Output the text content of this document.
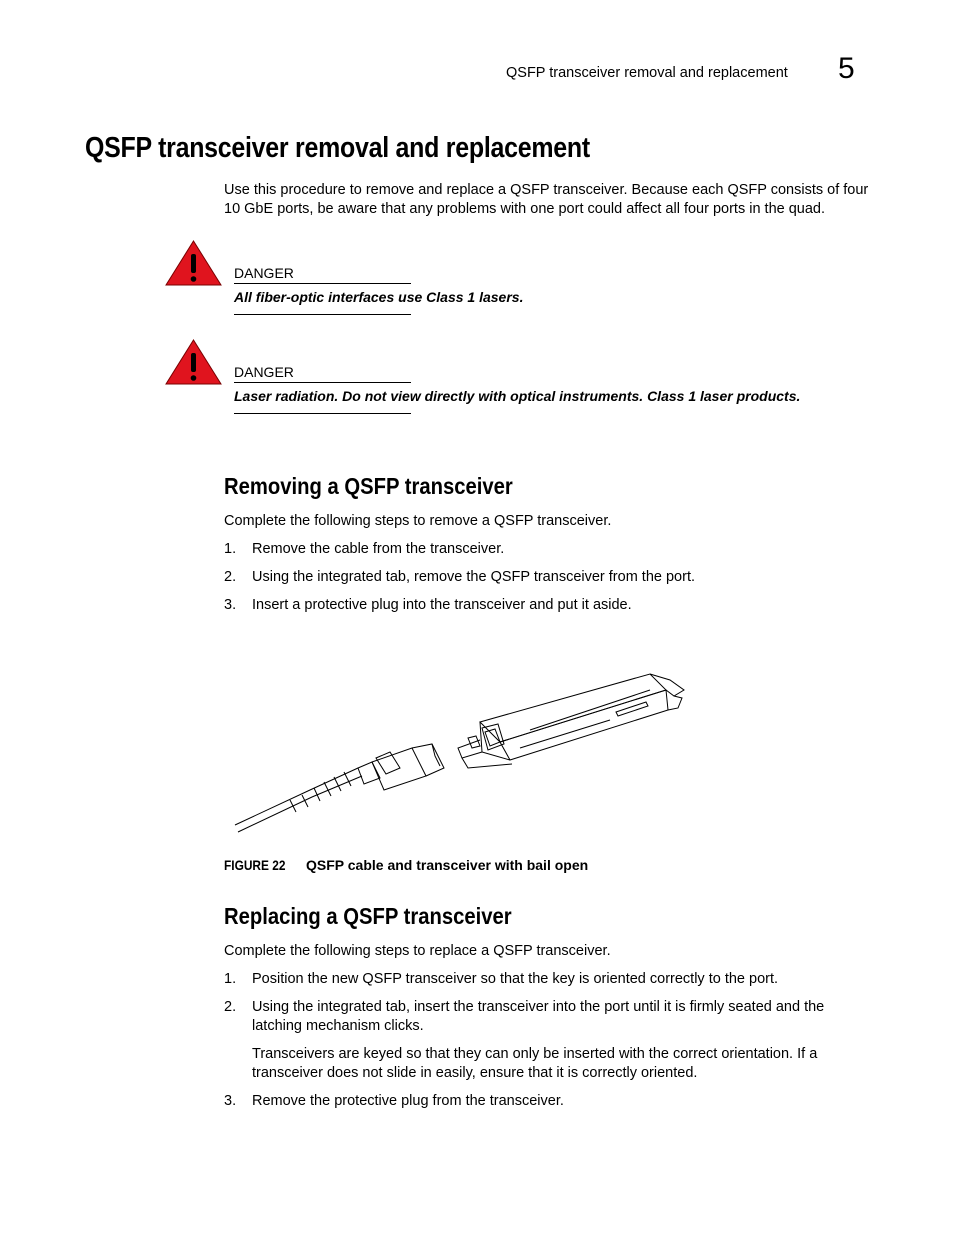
QSFP transceiver removal and replacement 5
QSFP transceiver removal and replacement
Use this procedure to remove and replace a QSFP transceiver. Because each QSFP consists of four 10 GbE ports, be aware that any problems with one port could affect all four ports in the quad.
DANGER
All fiber-optic interfaces use Class 1 lasers.
DANGER
Laser radiation. Do not view directly with optical instruments. Class 1 laser products.
Removing a QSFP transceiver
Complete the following steps to remove a QSFP transceiver.
1. Remove the cable from the transceiver.
2. Using the integrated tab, remove the QSFP transceiver from the port.
3. Insert a protective plug into the transceiver and put it aside.
FIGURE 22 QSFP cable and transceiver with bail open
Replacing a QSFP transceiver
Complete the following steps to replace a QSFP transceiver.
1. Position the new QSFP transceiver so that the key is oriented correctly to the port.
2. Using the integrated tab, insert the transceiver into the port until it is firmly seated and the latching mechanism clicks.
Transceivers are keyed so that they can only be inserted with the correct orientation. If a transceiver does not slide in easily, ensure that it is correctly oriented.
3. Remove the protective plug from the transceiver.
